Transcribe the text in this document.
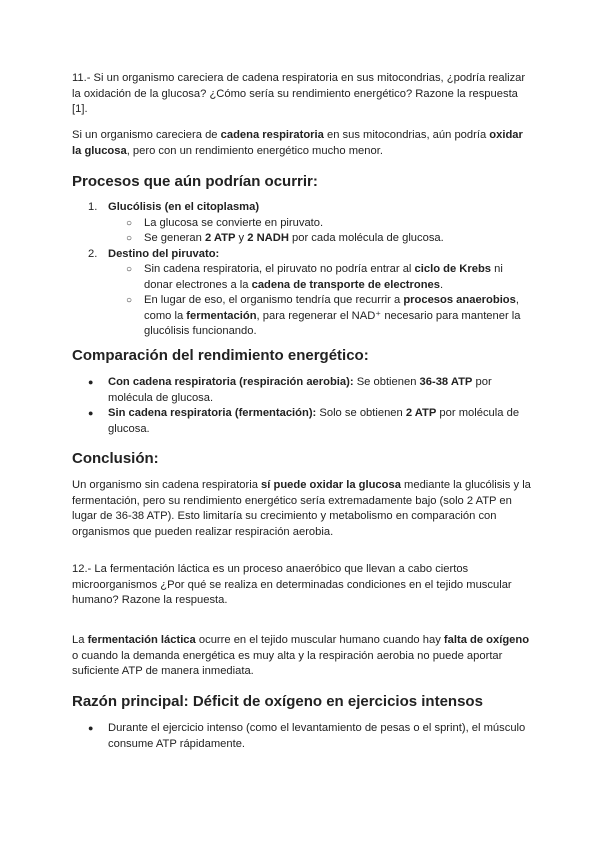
11.- Si un organismo careciera de cadena respiratoria en sus mitocondrias, ¿podría realizar la oxidación de la glucosa? ¿Cómo sería su rendimiento energético? Razone la respuesta [1].

Si un organismo careciera de cadena respiratoria en sus mitocondrias, aún podría oxidar la glucosa, pero con un rendimiento energético mucho menor.

Procesos que aún podrían ocurrir:
1. Glucólisis (en el citoplasma)
○ La glucosa se convierte en piruvato.
○ Se generan 2 ATP y 2 NADH por cada molécula de glucosa.
2. Destino del piruvato:
○ Sin cadena respiratoria, el piruvato no podría entrar al ciclo de Krebs ni donar electrones a la cadena de transporte de electrones.
○ En lugar de eso, el organismo tendría que recurrir a procesos anaerobios, como la fermentación, para regenerar el NAD⁺ necesario para mantener la glucólisis funcionando.
Comparación del rendimiento energético:
● Con cadena respiratoria (respiración aerobia): Se obtienen 36-38 ATP por molécula de glucosa.
● Sin cadena respiratoria (fermentación): Solo se obtienen 2 ATP por molécula de glucosa.
Conclusión:

Un organismo sin cadena respiratoria sí puede oxidar la glucosa mediante la glucólisis y la fermentación, pero su rendimiento energético sería extremadamente bajo (solo 2 ATP en lugar de 36-38 ATP). Esto limitaría su crecimiento y metabolismo en comparación con organismos que pueden realizar respiración aerobia.

12.- La fermentación láctica es un proceso anaeróbico que llevan a cabo ciertos microorganismos ¿Por qué se realiza en determinadas condiciones en el tejido muscular humano? Razone la respuesta.

La fermentación láctica ocurre en el tejido muscular humano cuando hay falta de oxígeno o cuando la demanda energética es muy alta y la respiración aerobia no puede aportar suficiente ATP de manera inmediata.

Razón principal: Déficit de oxígeno en ejercicios intensos
● Durante el ejercicio intenso (como el levantamiento de pesas o el sprint), el músculo consume ATP rápidamente.
